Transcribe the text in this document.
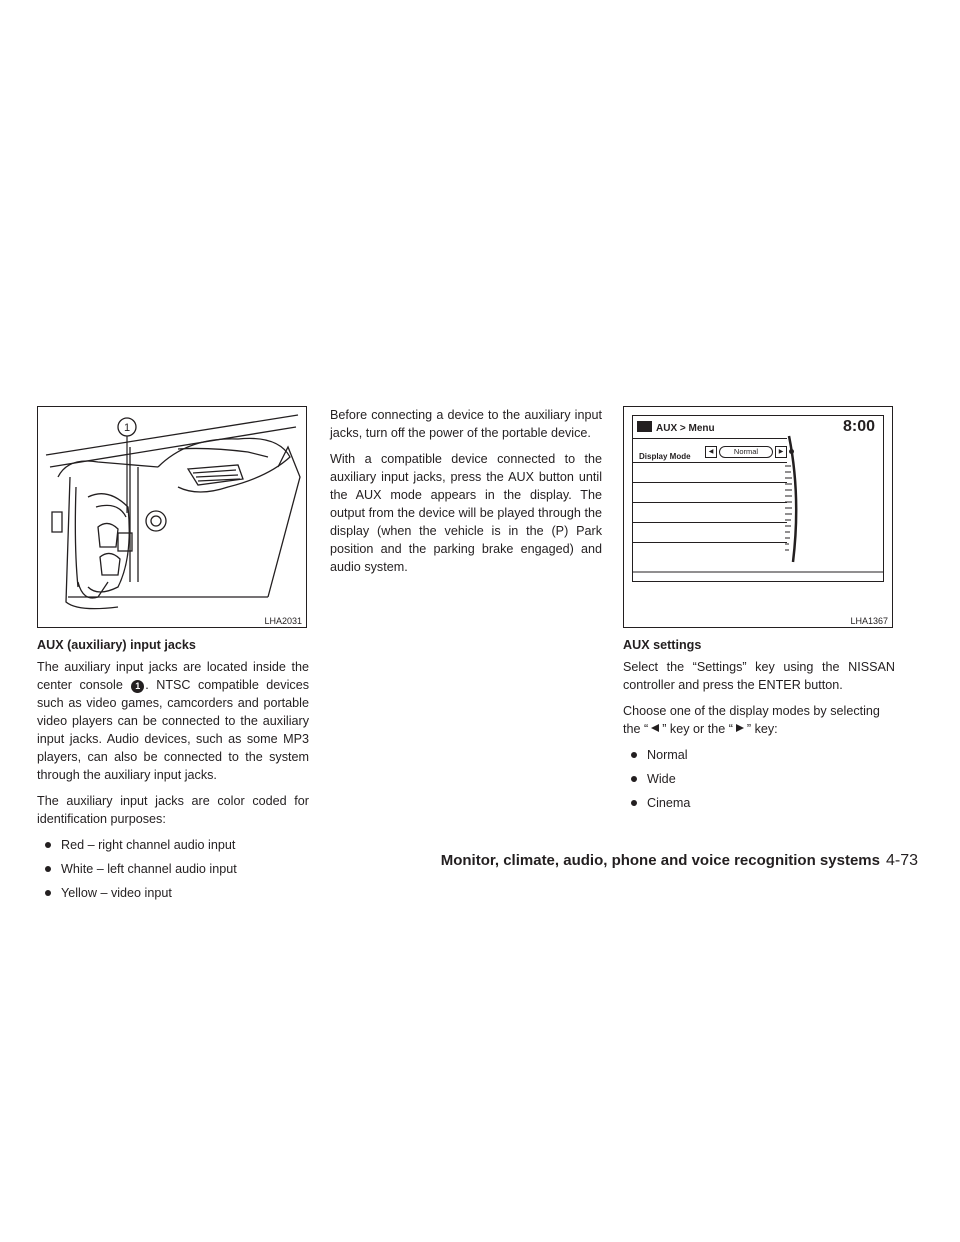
1
LHA2031
AUX (auxiliary) input jacks

The auxiliary input jacks are located inside the center console 1 . NTSC compatible devices such as video games, camcorders and portable video players can be connected to the auxiliary input jacks. Audio devices, such as some MP3 players, can also be connected to the system through the auxiliary input jacks.

The auxiliary input jacks are color coded for identification purposes:

Red – right channel audio input
White – left channel audio input
Yellow – video input

Before connecting a device to the auxiliary input jacks, turn off the power of the portable device.

With a compatible device connected to the auxiliary input jacks, press the AUX button until the AUX mode appears in the display. The output from the device will be played through the display (when the vehicle is in the (P) Park position and the parking brake engaged) and audio system.

AUX > Menu	8:00
Display Mode	◀	Normal	▶
LHA1367
AUX settings

Select the “Settings” key using the NISSAN controller and press the ENTER button.

Choose one of the display modes by selecting the “ ” key or the “ ” key:

Normal
Wide
Cinema
Monitor, climate, audio, phone and voice recognition systems 4-73
